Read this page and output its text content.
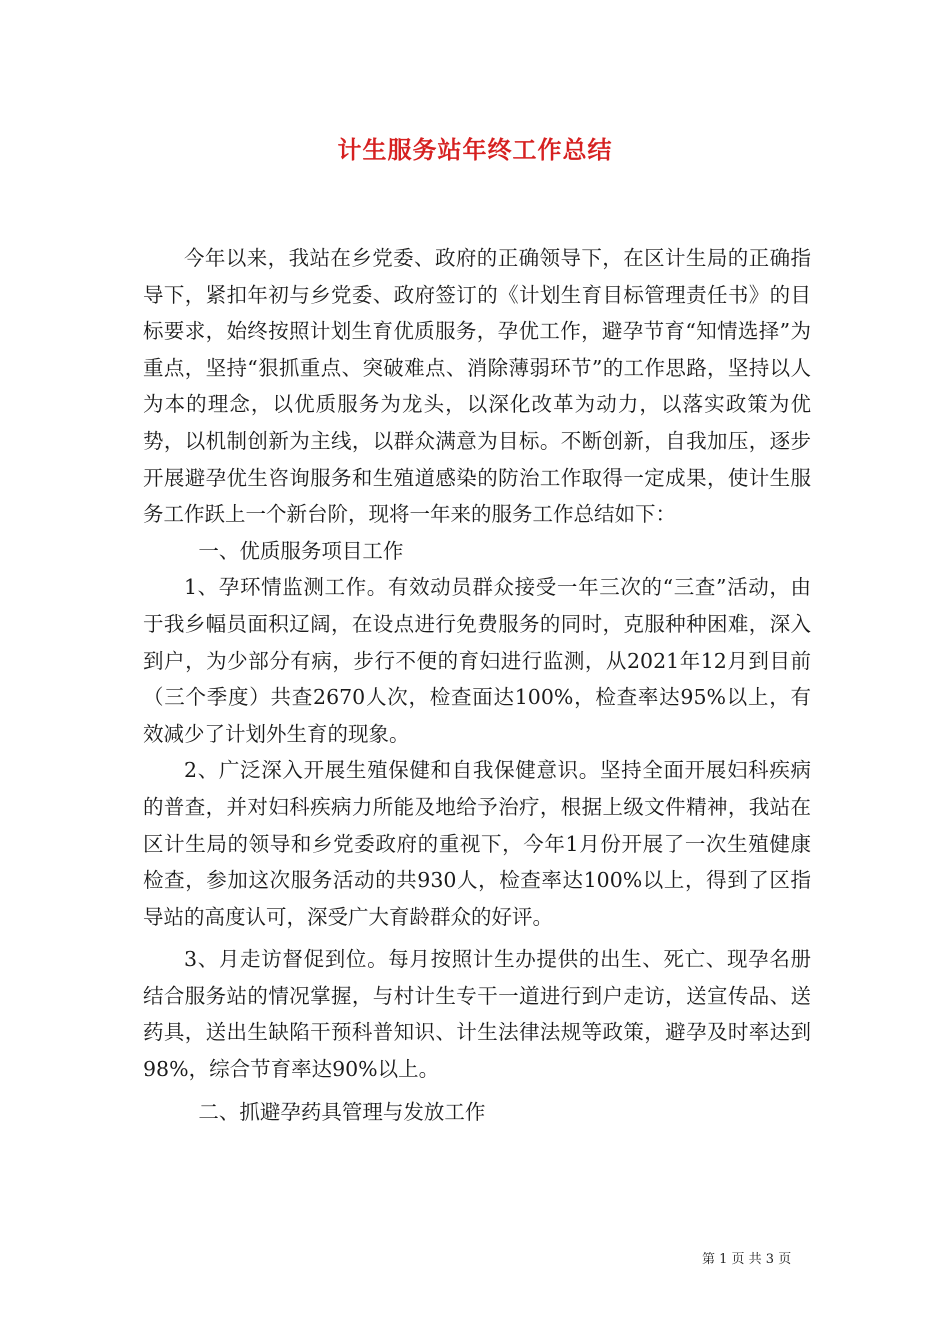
计生服务站年终工作总结

今年以来，我站在乡党委、政府的正确领导下，在区计生局的正确指导下，紧扣年初与乡党委、政府签订的《计划生育目标管理责任书》的目标要求，始终按照计划生育优质服务，孕优工作，避孕节育“知情选择”为重点，坚持“狠抓重点、突破难点、消除薄弱环节”的工作思路，坚持以人为本的理念，以优质服务为龙头，以深化改革为动力，以落实政策为优势，以机制创新为主线，以群众满意为目标。不断创新，自我加压，逐步开展避孕优生咨询服务和生殖道感染的防治工作取得一定成果，使计生服务工作跃上一个新台阶，现将一年来的服务工作总结如下：

一、优质服务项目工作

1、孕环情监测工作。有效动员群众接受一年三次的“三查”活动，由于我乡幅员面积辽阔，在设点进行免费服务的同时，克服种种困难，深入到户，为少部分有病，步行不便的育妇进行监测，从2021年12月到目前（三个季度）共查2670人次，检查面达100%，检查率达95%以上，有效减少了计划外生育的现象。

2、广泛深入开展生殖保健和自我保健意识。坚持全面开展妇科疾病的普查，并对妇科疾病力所能及地给予治疗，根据上级文件精神，我站在区计生局的领导和乡党委政府的重视下，今年1月份开展了一次生殖健康检查，参加这次服务活动的共930人，检查率达100%以上，得到了区指导站的高度认可，深受广大育龄群众的好评。

3、月走访督促到位。每月按照计生办提供的出生、死亡、现孕名册结合服务站的情况掌握，与村计生专干一道进行到户走访，送宣传品、送药具，送出生缺陷干预科普知识、计生法律法规等政策，避孕及时率达到98%，综合节育率达90%以上。

二、抓避孕药具管理与发放工作

第 1 页 共 3 页
